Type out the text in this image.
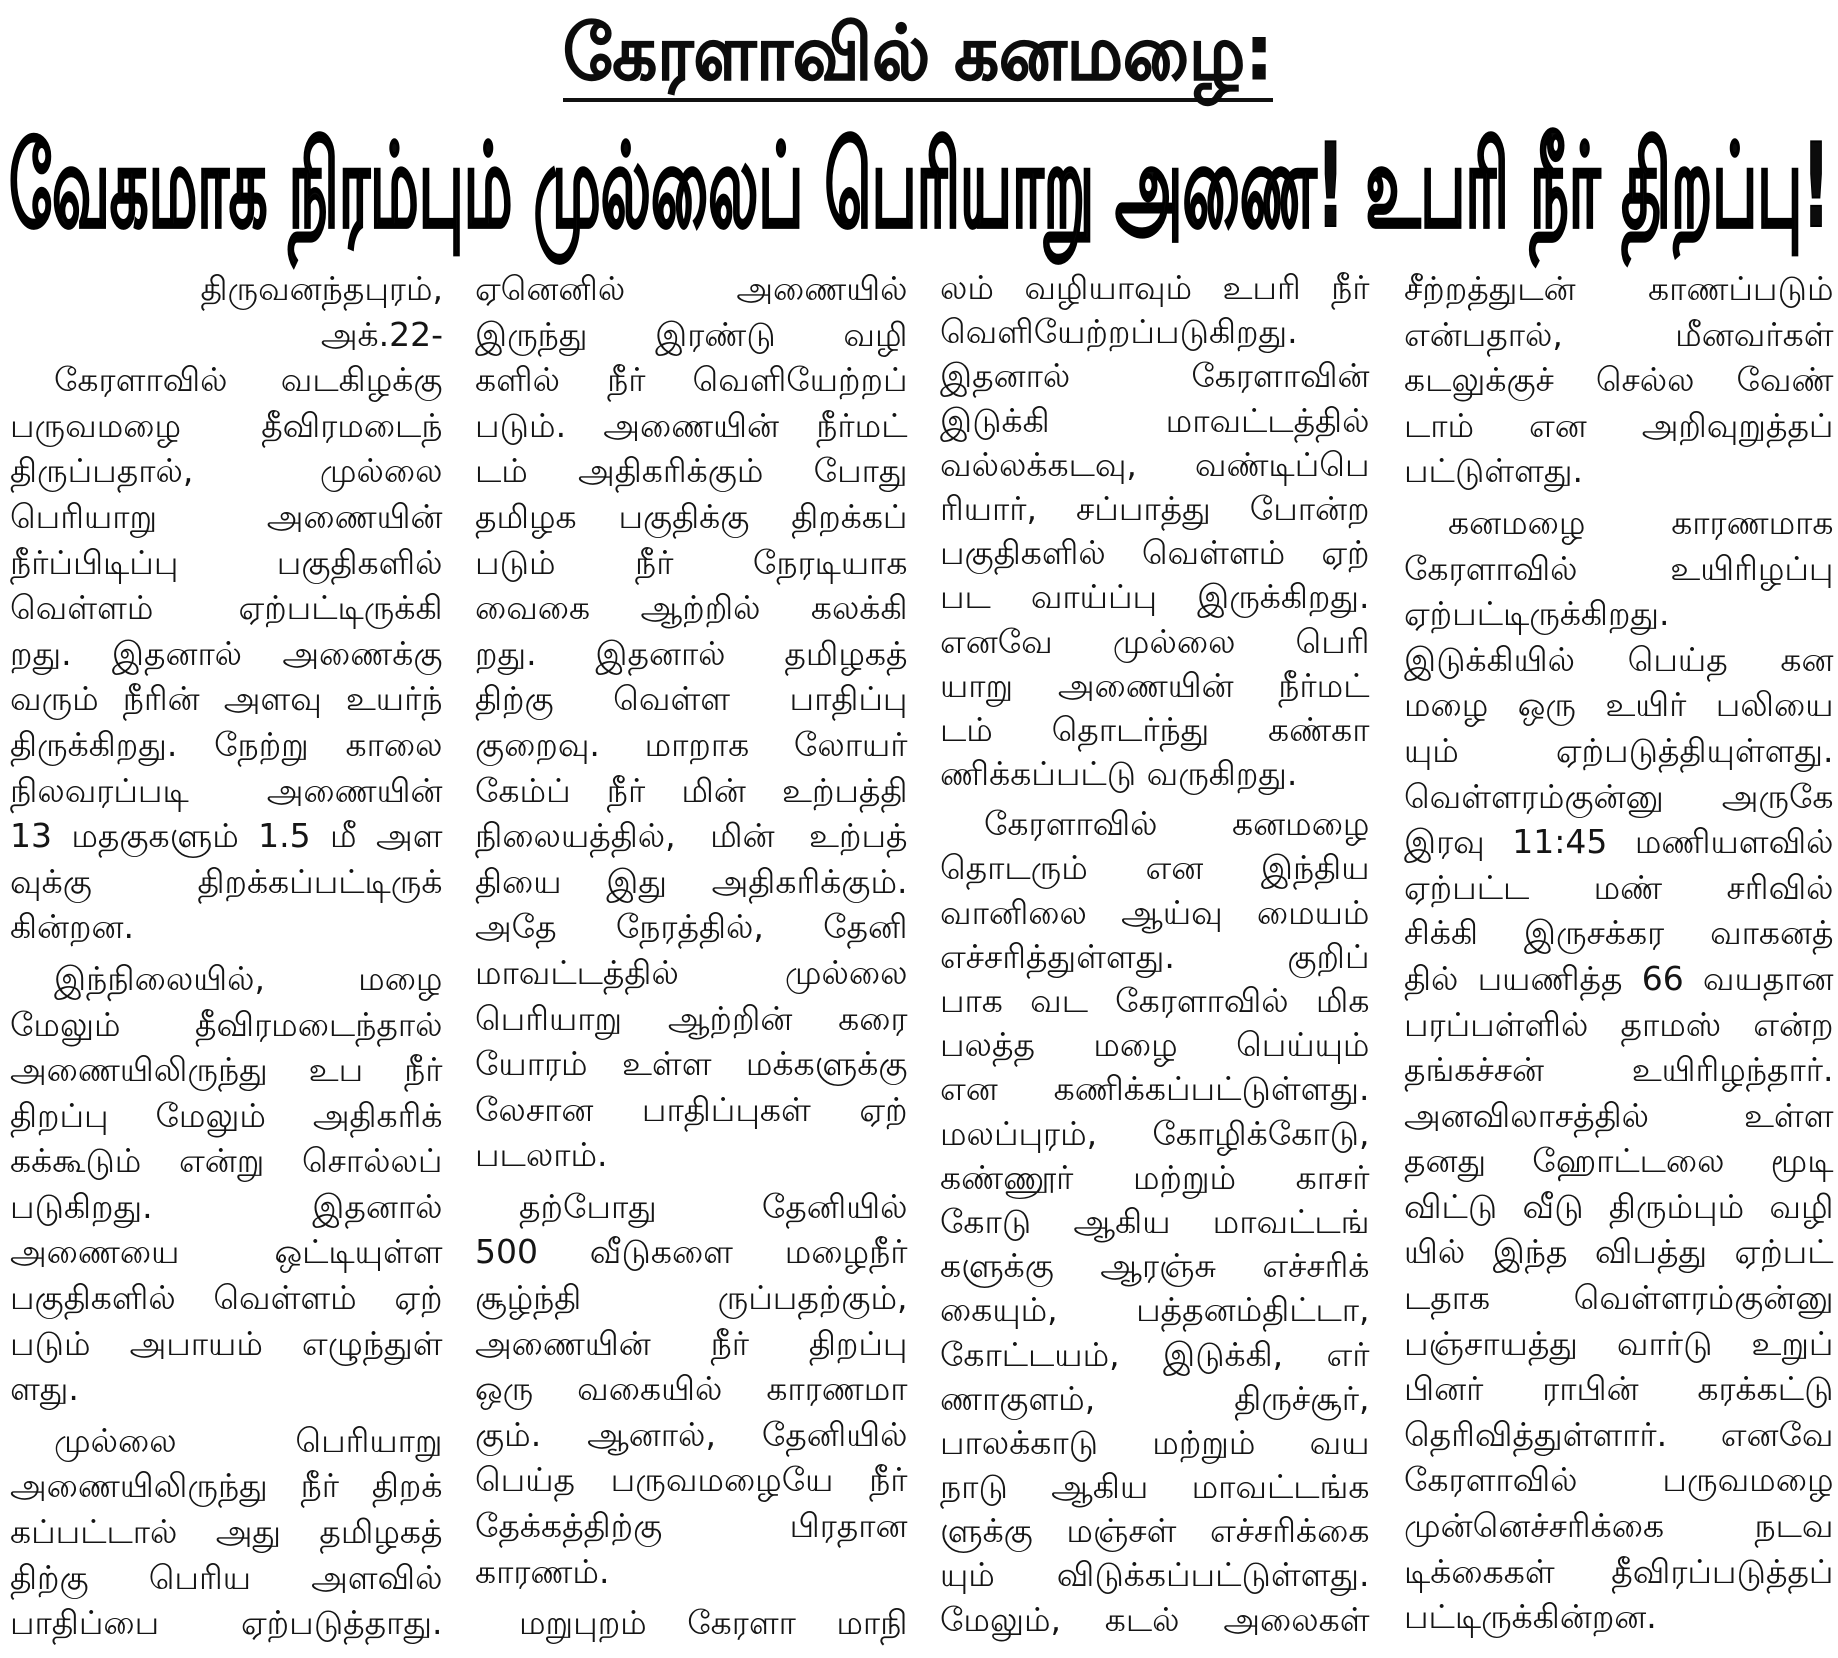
கேரளாவில் கனமழை:
வேகமாக நிரம்பும் முல்லைப் பெரியாறு அணை! உபரி நீர் திறப்பு!
திருவனந்தபுரம்,
அக்.22-
கேரளாவில் வடகிழக்கு
பருவமழை தீவிரமடைந்
திருப்பதால், முல்லை
பெரியாறு அணையின்
நீர்ப்பிடிப்பு பகுதிகளில்
வெள்ளம் ஏற்பட்டிருக்கி
றது. இதனால் அணைக்கு
வரும் நீரின் அளவு உயர்ந்
திருக்கிறது. நேற்று காலை
நிலவரப்படி அணையின்
13 மதகுகளும் 1.5 மீ அள
வுக்கு திறக்கப்பட்டிருக்
கின்றன.
இந்நிலையில், மழை
மேலும் தீவிரமடைந்தால்
அணையிலிருந்து உப நீர்
திறப்பு மேலும் அதிகரிக்
கக்கூடும் என்று சொல்லப்
படுகிறது. இதனால்
அணையை ஒட்டியுள்ள
பகுதிகளில் வெள்ளம் ஏற்
படும் அபாயம் எழுந்துள்
ளது.
முல்லை பெரியாறு
அணையிலிருந்து நீர் திறக்
கப்பட்டால் அது தமிழகத்
திற்கு பெரிய அளவில்
பாதிப்பை ஏற்படுத்தாது.
ஏனெனில் அணையில்
இருந்து இரண்டு வழி
களில் நீர் வெளியேற்றப்
படும். அணையின் நீர்மட்
டம் அதிகரிக்கும் போது
தமிழக பகுதிக்கு திறக்கப்
படும் நீர் நேரடியாக
வைகை ஆற்றில் கலக்கி
றது. இதனால் தமிழகத்
திற்கு வெள்ள பாதிப்பு
குறைவு. மாறாக லோயர்
கேம்ப் நீர் மின் உற்பத்தி
நிலையத்தில், மின் உற்பத்
தியை இது அதிகரிக்கும்.
அதே நேரத்தில், தேனி
மாவட்டத்தில் முல்லை
பெரியாறு ஆற்றின் கரை
யோரம் உள்ள மக்களுக்கு
லேசான பாதிப்புகள் ஏற்
படலாம்.
தற்போது தேனியில்
500 வீடுகளை மழைநீர்
சூழ்ந்தி ருப்பதற்கும்,
அணையின் நீர் திறப்பு
ஒரு வகையில் காரணமா
கும். ஆனால், தேனியில்
பெய்த பருவமழையே நீர்
தேக்கத்திற்கு பிரதான
காரணம்.
மறுபுறம் கேரளா மாநி
லம் வழியாவும் உபரி நீர்
வெளியேற்றப்படுகிறது.
இதனால் கேரளாவின்
இடுக்கி மாவட்டத்தில்
வல்லக்கடவு, வண்டிப்பெ
ரியார், சப்பாத்து போன்ற
பகுதிகளில் வெள்ளம் ஏற்
பட வாய்ப்பு இருக்கிறது.
எனவே முல்லை பெரி
யாறு அணையின் நீர்மட்
டம் தொடர்ந்து கண்கா
ணிக்கப்பட்டு வருகிறது.
கேரளாவில் கனமழை
தொடரும் என இந்திய
வானிலை ஆய்வு மையம்
எச்சரித்துள்ளது. குறிப்
பாக வட கேரளாவில் மிக
பலத்த மழை பெய்யும்
என கணிக்கப்பட்டுள்ளது.
மலப்புரம், கோழிக்கோடு,
கண்ணூர் மற்றும் காசர்
கோடு ஆகிய மாவட்டங்
களுக்கு ஆரஞ்சு எச்சரிக்
கையும், பத்தனம்திட்டா,
கோட்டயம், இடுக்கி, எர்
ணாகுளம், திருச்சூர்,
பாலக்காடு மற்றும் வய
நாடு ஆகிய மாவட்டங்க
ளுக்கு மஞ்சள் எச்சரிக்கை
யும் விடுக்கப்பட்டுள்ளது.
மேலும், கடல் அலைகள்
சீற்றத்துடன் காணப்படும்
என்பதால், மீனவர்கள்
கடலுக்குச் செல்ல வேண்
டாம் என அறிவுறுத்தப்
பட்டுள்ளது.
கனமழை காரணமாக
கேரளாவில் உயிரிழப்பு
ஏற்பட்டிருக்கிறது.
இடுக்கியில் பெய்த கன
மழை ஒரு உயிர் பலியை
யும் ஏற்படுத்தியுள்ளது.
வெள்ளரம்குன்னு அருகே
இரவு 11:45 மணியளவில்
ஏற்பட்ட மண் சரிவில்
சிக்கி இருசக்கர வாகனத்
தில் பயணித்த 66 வயதான
பரப்பள்ளில் தாமஸ் என்ற
தங்கச்சன் உயிரிழந்தார்.
அனவிலாசத்தில் உள்ள
தனது ஹோட்டலை மூடி
விட்டு வீடு திரும்பும் வழி
யில் இந்த விபத்து ஏற்பட்
டதாக வெள்ளரம்குன்னு
பஞ்சாயத்து வார்டு உறுப்
பினர் ராபின் கரக்கட்டு
தெரிவித்துள்ளார். எனவே
கேரளாவில் பருவமழை
முன்னெச்சரிக்கை நடவ
டிக்கைகள் தீவிரப்படுத்தப்
பட்டிருக்கின்றன.
